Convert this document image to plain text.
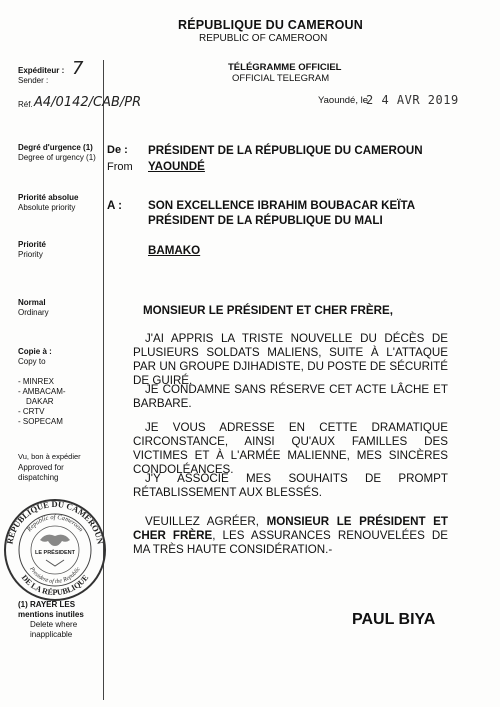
RÉPUBLIQUE DU CAMEROUN
REPUBLIC OF CAMEROON
TÉLÉGRAMME OFFICIEL
OFFICIAL TELEGRAM
Yaoundé, le
2 4 AVR 2019
Expéditeur :
Sender :
7
Réf. A4/0142/CAB/PR
Degré d'urgence (1)
Degree of urgency (1)
Priorité absolue
Absolute priority
Priorité
Priority
Normal
Ordinary
Copie à :
Copy to
- MINREX
- AMBACAM-
DAKAR
- CRTV
- SOPECAM
Vu, bon à expédier
Approved for
dispatching
RÉPUBLIQUE DU CAMEROUN
Republic of Cameroon
DE LA RÉPUBLIQUE
President of the Republic
LE PRÉSIDENT
(1) RAYER LES
mentions inutiles
Delete where
inapplicable
De :
From
PRÉSIDENT DE LA RÉPUBLIQUE DU CAMEROUN
YAOUNDÉ
A : SON EXCELLENCE IBRAHIM BOUBACAR KEÏTA
PRÉSIDENT DE LA RÉPUBLIQUE DU MALI
BAMAKO
MONSIEUR LE PRÉSIDENT ET CHER FRÈRE,

J'AI APPRIS LA TRISTE NOUVELLE DU DÉCÈS DE PLUSIEURS SOLDATS MALIENS, SUITE À L'ATTAQUE PAR UN GROUPE DJIHADISTE, DU POSTE DE SÉCURITÉ DE GUIRÉ.

JE CONDAMNE SANS RÉSERVE CET ACTE LÂCHE ET BARBARE.

JE VOUS ADRESSE EN CETTE DRAMATIQUE CIRCONSTANCE, AINSI QU'AUX FAMILLES DES VICTIMES ET À L'ARMÉE MALIENNE, MES SINCÈRES CONDOLÉANCES.

J'Y ASSOCIE MES SOUHAITS DE PROMPT RÉTABLISSEMENT AUX BLESSÉS.

VEUILLEZ AGRÉER, MONSIEUR LE PRÉSIDENT ET CHER FRÈRE, LES ASSURANCES RENOUVELÉES DE MA TRÈS HAUTE CONSIDÉRATION.-

PAUL BIYA
